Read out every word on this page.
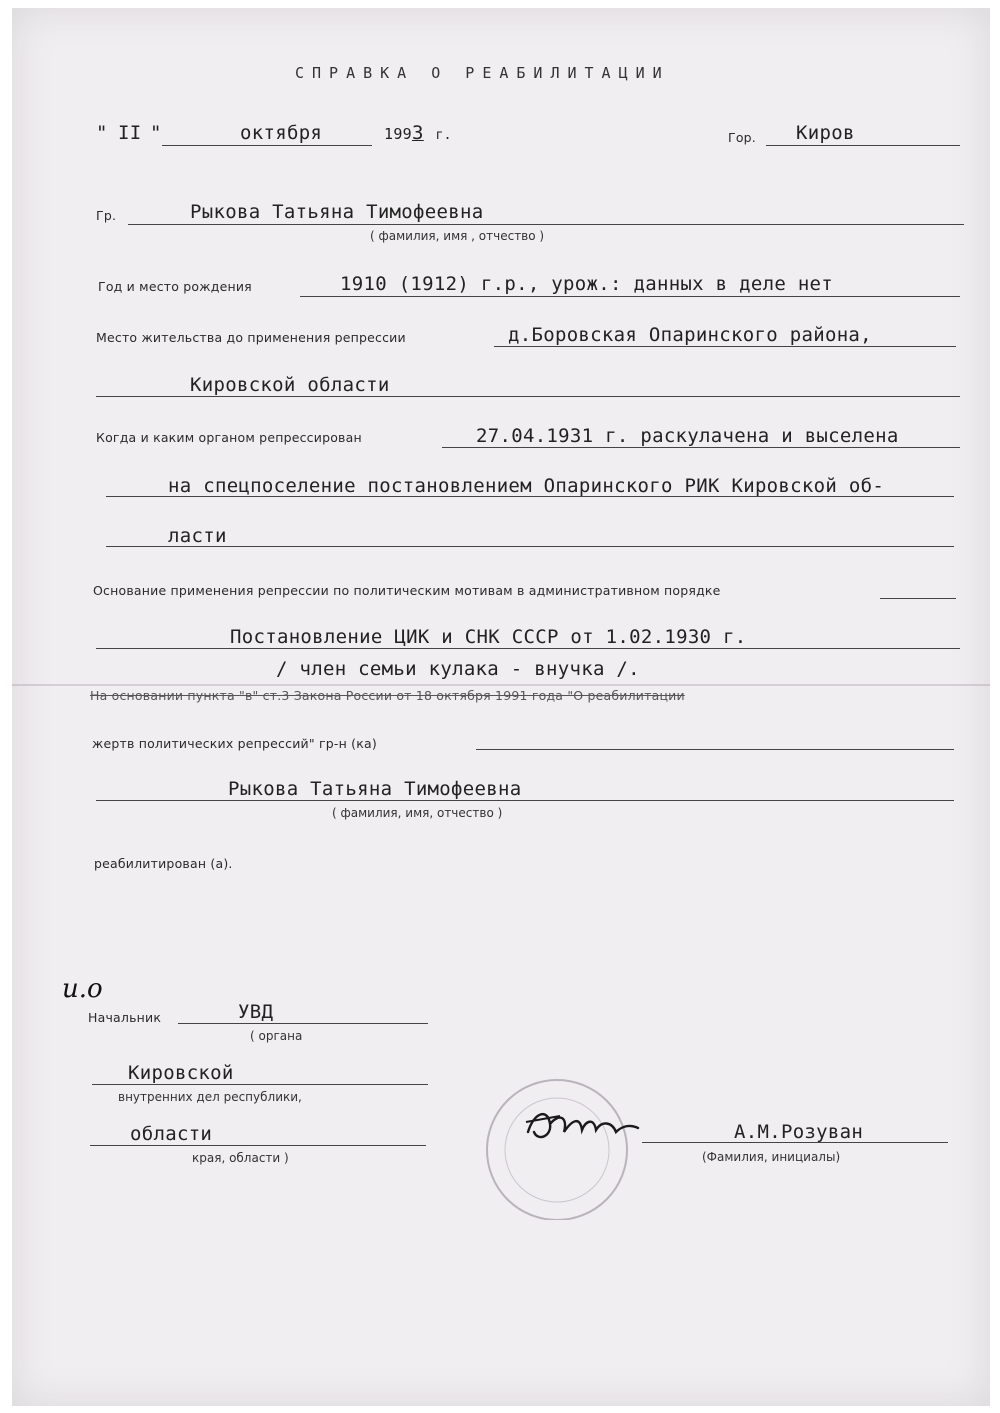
СПРАВКА О РЕАБИЛИТАЦИИ
" II "	октября	1993 г.	Гор. Киров
Гр.	Рыкова Татьяна Тимофеевна
( фамилия, имя , отчество )
Год и место рождения	1910 (1912) г.р., урож.: данных в деле нет
Место жительства до применения репрессии	д.Боровская Опаринского района,
Кировской области
Когда и каким органом репрессирован	27.04.1931 г. раскулачена и выселена
на спецпоселение постановлением Опаринского РИК Кировской об-
ласти
Основание применения репрессии по политическим мотивам в административном порядке
Постановление ЦИК и СНК СССР от 1.02.1930 г.
/ член семьи кулака - внучка /.
На основании пункта "в" ст.3 Закона России от 18 октября 1991 года "О реабилитации
жертв политических репрессий" гр-н (ка)
Рыкова Татьяна Тимофеевна
( фамилия, имя, отчество )
реабилитирован (а).
и.о
Начальник	УВД
( органа
Кировской
внутренних дел республики,
области
края, области )
А.М.Розуван
(Фамилия, инициалы)
